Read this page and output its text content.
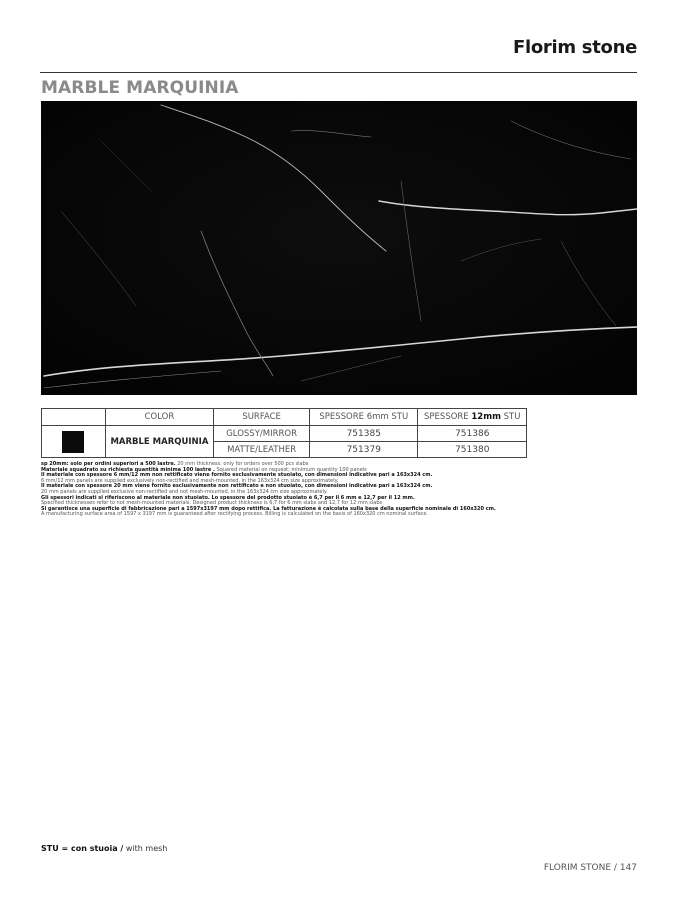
Florim stone
MARBLE MARQUINIA
	COLOR	SURFACE	SPESSORE 6mm STU	SPESSORE 12mm STU
	MARBLE MARQUINIA	GLOSSY/MIRROR	751385	751386
		MATTE/LEATHER	751379	751380
sp 20mm: solo per ordini superiori a 500 lastre. 20 mm thickness: only for orders over 500 pcs slabs
Materiale squadrato su richiesta quantità minima 100 lastre . Squared material on request; minimum quantity 100 panels
Il materiale con spessore 6 mm/12 mm non rettificato viene fornito esclusivamente stuoiato, con dimensioni indicative pari a 163x324 cm.
6 mm/12 mm panels are supplied exclusively non-rectified and mesh-mounted, in the 163x324 cm size approximately.
Il materiale con spessore 20 mm viene fornito esclusivamente non rettificato e non stuoiato, con dimensioni indicative pari a 163x324 cm.
20 mm panels are supplied exclusive non-rectified and not mesh-mounted, in the 163x324 cm size approximately.
Gli spessori indicati si riferiscono al materiale non stuoiato. Lo spessore del prodotto stuoiato è 6,7 per il 6 mm e 12,7 per il 12 mm.
Specified thicknesses refer to not mesh-mounted materials. Designed product thickness is 6,7 for 6 mm slabs and 12,7 for 12 mm slabs
Si garantisce una superficie di fabbricazione pari a 1597x3197 mm dopo rettifica. La fatturazione è calcolata sulla base della superficie nominale di 160x320 cm.
A manufacturing surface area of 1597 x 3197 mm is guaranteed after rectifying process. Billing is calculated on the basis of 160x320 cm nominal surface.
STU = con stuoia / with mesh
FLORIM STONE / 147
